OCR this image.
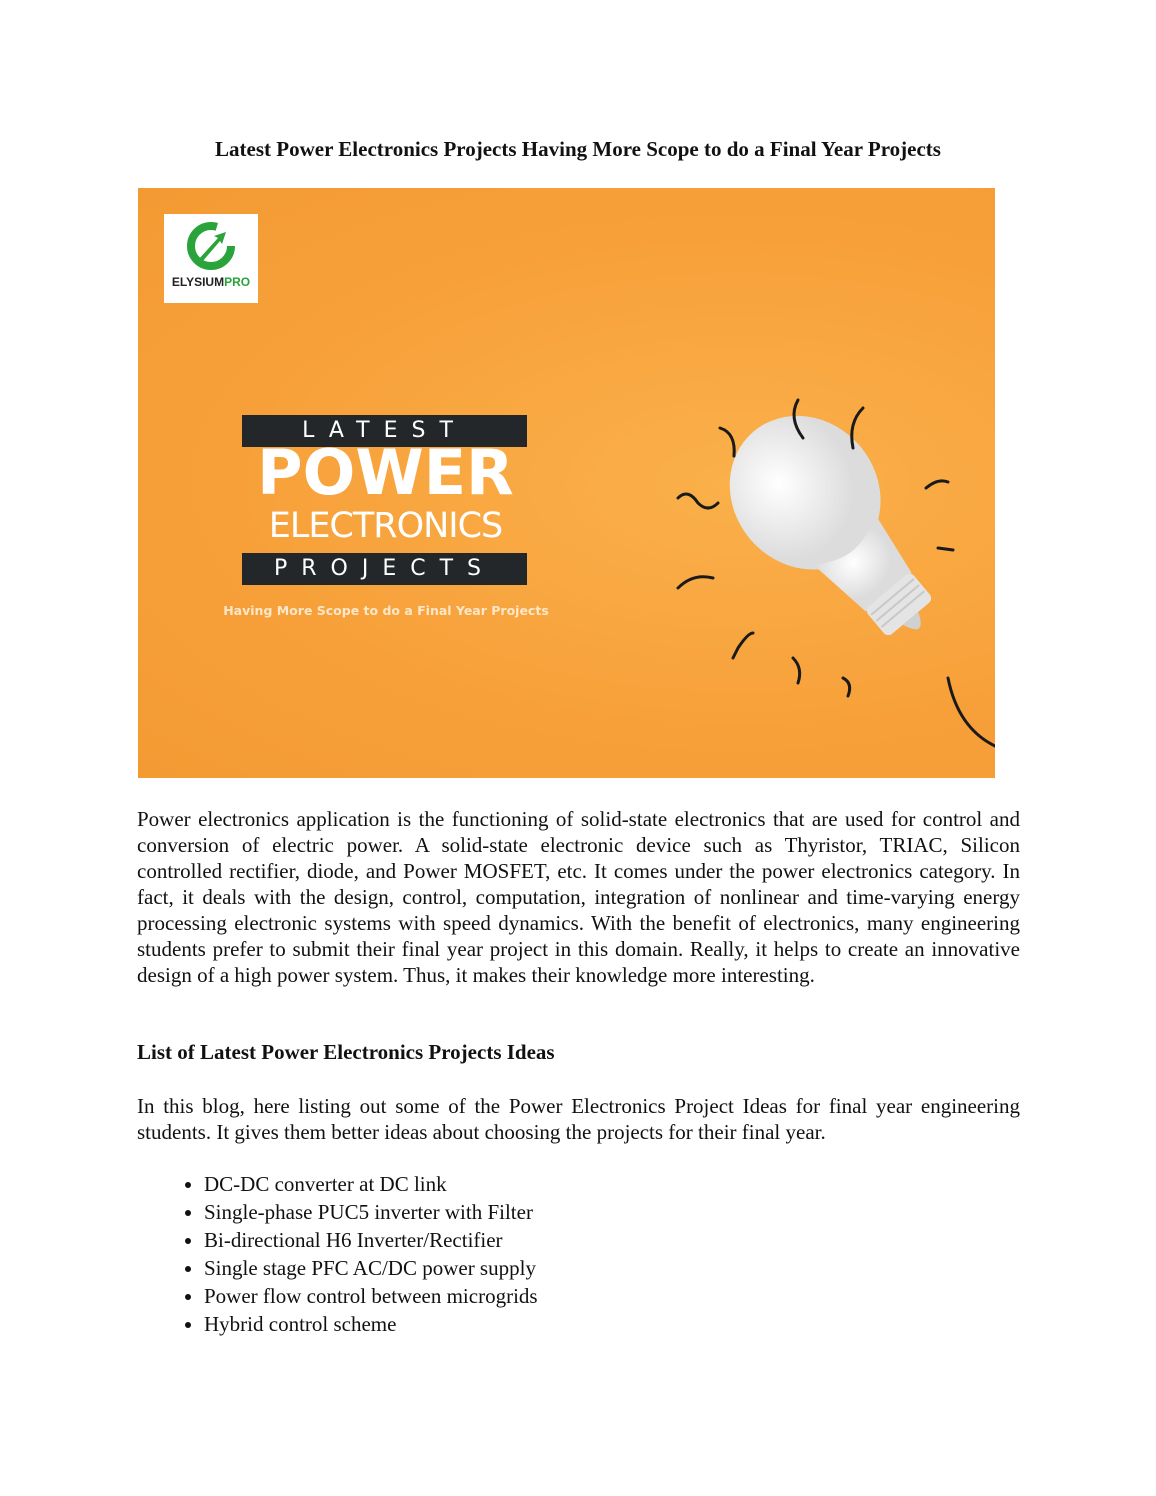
Latest Power Electronics Projects Having More Scope to do a Final Year Projects
ELYSIUMPRO
LATEST
POWER
ELECTRONICS
PROJECTS
Having More Scope to do a Final Year Projects
Power electronics application is the functioning of solid-state electronics that are used for control and conversion of electric power. A solid-state electronic device such as Thyristor, TRIAC, Silicon controlled rectifier, diode, and Power MOSFET, etc. It comes under the power electronics category. In fact, it deals with the design, control, computation, integration of nonlinear and time-varying energy processing electronic systems with speed dynamics. With the benefit of electronics, many engineering students prefer to submit their final year project in this domain. Really, it helps to create an innovative design of a high power system. Thus, it makes their knowledge more interesting.
List of Latest Power Electronics Projects Ideas
In this blog, here listing out some of the Power Electronics Project Ideas for final year engineering students. It gives them better ideas about choosing the projects for their final year.
• DC-DC converter at DC link
• Single-phase PUC5 inverter with Filter
• Bi-directional H6 Inverter/Rectifier
• Single stage PFC AC/DC power supply
• Power flow control between microgrids
• Hybrid control scheme
